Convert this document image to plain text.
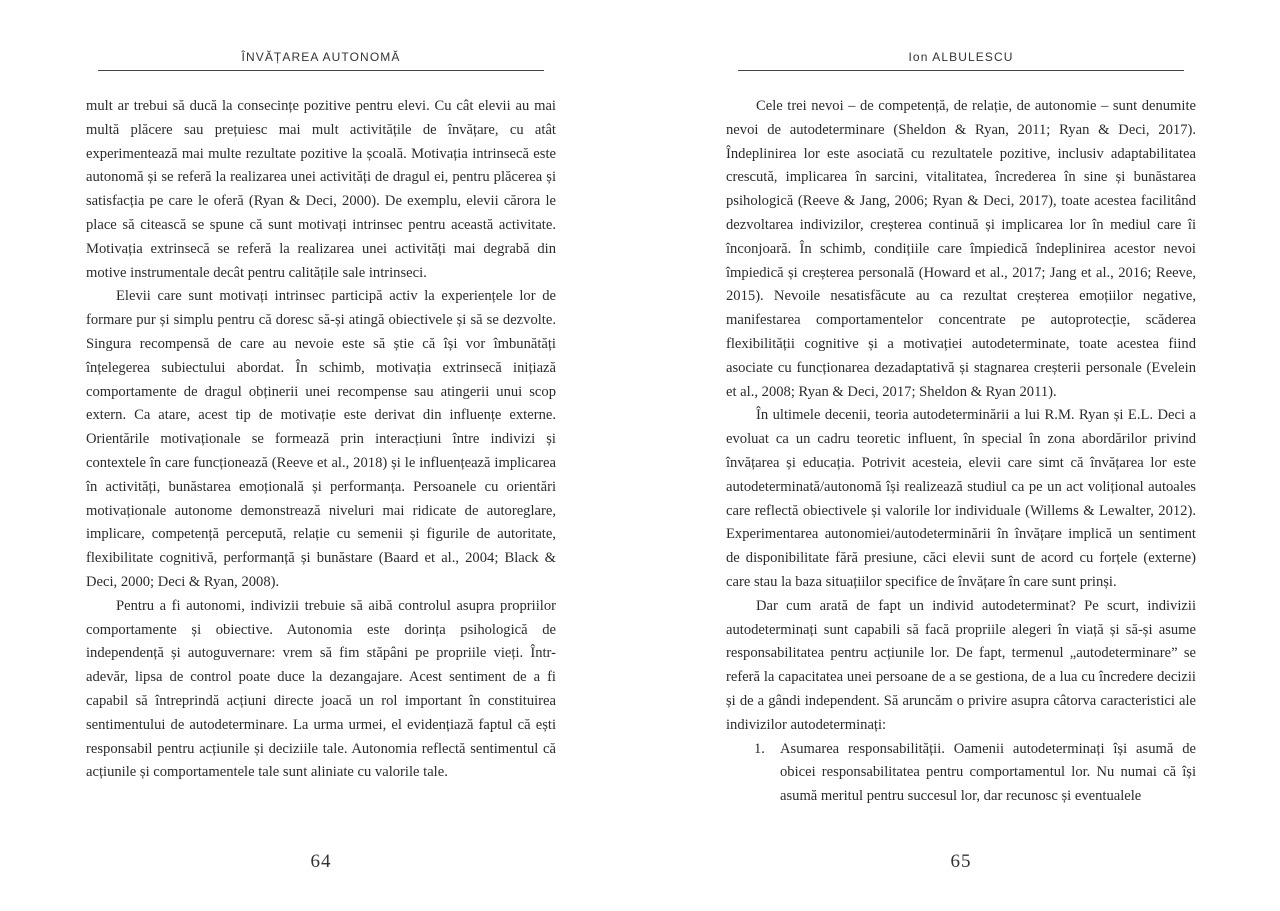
ÎNVĂȚAREA AUTONOMĂ

mult ar trebui să ducă la consecințe pozitive pentru elevi. Cu cât elevii au mai multă plăcere sau prețuiesc mai mult activitățile de învățare, cu atât experimentează mai multe rezultate pozitive la școală. Motivația intrinsecă este autonomă și se referă la realizarea unei activități de dragul ei, pentru plăcerea și satisfacția pe care le oferă (Ryan & Deci, 2000). De exemplu, elevii cărora le place să citească se spune că sunt motivați intrinsec pentru această activitate. Motivația extrinsecă se referă la realizarea unei activități mai degrabă din motive instrumentale decât pentru calitățile sale intrinseci.

Elevii care sunt motivați intrinsec participă activ la experiențele lor de formare pur și simplu pentru că doresc să-și atingă obiectivele și să se dezvolte. Singura recompensă de care au nevoie este să știe că își vor îmbunătăți înțelegerea subiectului abordat. În schimb, motivația extrinsecă inițiază comportamente de dragul obținerii unei recompense sau atingerii unui scop extern. Ca atare, acest tip de motivație este derivat din influențe externe. Orientările motivaționale se formează prin interacțiuni între indivizi și contextele în care funcționează (Reeve et al., 2018) și le influențează implicarea în activități, bunăstarea emoțională și performanța. Persoanele cu orientări motivaționale autonome demonstrează niveluri mai ridicate de autoreglare, implicare, competență percepută, relație cu semenii și figurile de autoritate, flexibilitate cognitivă, performanță și bunăstare (Baard et al., 2004; Black & Deci, 2000; Deci & Ryan, 2008).

Pentru a fi autonomi, indivizii trebuie să aibă controlul asupra propriilor comportamente și obiective. Autonomia este dorința psihologică de independență și autoguvernare: vrem să fim stăpâni pe propriile vieți. Într-adevăr, lipsa de control poate duce la dezangajare. Acest sentiment de a fi capabil să întreprindă acțiuni directe joacă un rol important în constituirea sentimentului de autodeterminare. La urma urmei, el evidențiază faptul că ești responsabil pentru acțiunile și deciziile tale. Autonomia reflectă sentimentul că acțiunile și comportamentele tale sunt aliniate cu valorile tale.

64
Ion ALBULESCU

Cele trei nevoi – de competență, de relație, de autonomie – sunt denumite nevoi de autodeterminare (Sheldon & Ryan, 2011; Ryan & Deci, 2017). Îndeplinirea lor este asociată cu rezultatele pozitive, inclusiv adaptabilitatea crescută, implicarea în sarcini, vitalitatea, încrederea în sine și bunăstarea psihologică (Reeve & Jang, 2006; Ryan & Deci, 2017), toate acestea facilitând dezvoltarea indivizilor, creșterea continuă și implicarea lor în mediul care îi înconjoară. În schimb, condițiile care împiedică îndeplinirea acestor nevoi împiedică și creșterea personală (Howard et al., 2017; Jang et al., 2016; Reeve, 2015). Nevoile nesatisfăcute au ca rezultat creșterea emoțiilor negative, manifestarea comportamentelor concentrate pe autoprotecție, scăderea flexibilității cognitive și a motivației autodeterminate, toate acestea fiind asociate cu funcționarea dezadaptativă și stagnarea creșterii personale (Evelein et al., 2008; Ryan & Deci, 2017; Sheldon & Ryan 2011).

În ultimele decenii, teoria autodeterminării a lui R.M. Ryan și E.L. Deci a evoluat ca un cadru teoretic influent, în special în zona abordărilor privind învățarea și educația. Potrivit acesteia, elevii care simt că învățarea lor este autodeterminată/autonomă își realizează studiul ca pe un act volițional autoales care reflectă obiectivele și valorile lor individuale (Willems & Lewalter, 2012). Experimentarea autonomiei/autodeterminării în învățare implică un sentiment de disponibilitate fără presiune, căci elevii sunt de acord cu forțele (externe) care stau la baza situațiilor specifice de învățare în care sunt prinși.

Dar cum arată de fapt un individ autodeterminat? Pe scurt, indivizii autodeterminați sunt capabili să facă propriile alegeri în viață și să-și asume responsabilitatea pentru acțiunile lor. De fapt, termenul „autodeterminare” se referă la capacitatea unei persoane de a se gestiona, de a lua cu încredere decizii și de a gândi independent. Să aruncăm o privire asupra câtorva caracteristici ale indivizilor autodeterminați:

1.	Asumarea responsabilității. Oamenii autodeterminați își asumă de obicei responsabilitatea pentru comportamentul lor. Nu numai că își asumă meritul pentru succesul lor, dar recunosc și eventualele
65
